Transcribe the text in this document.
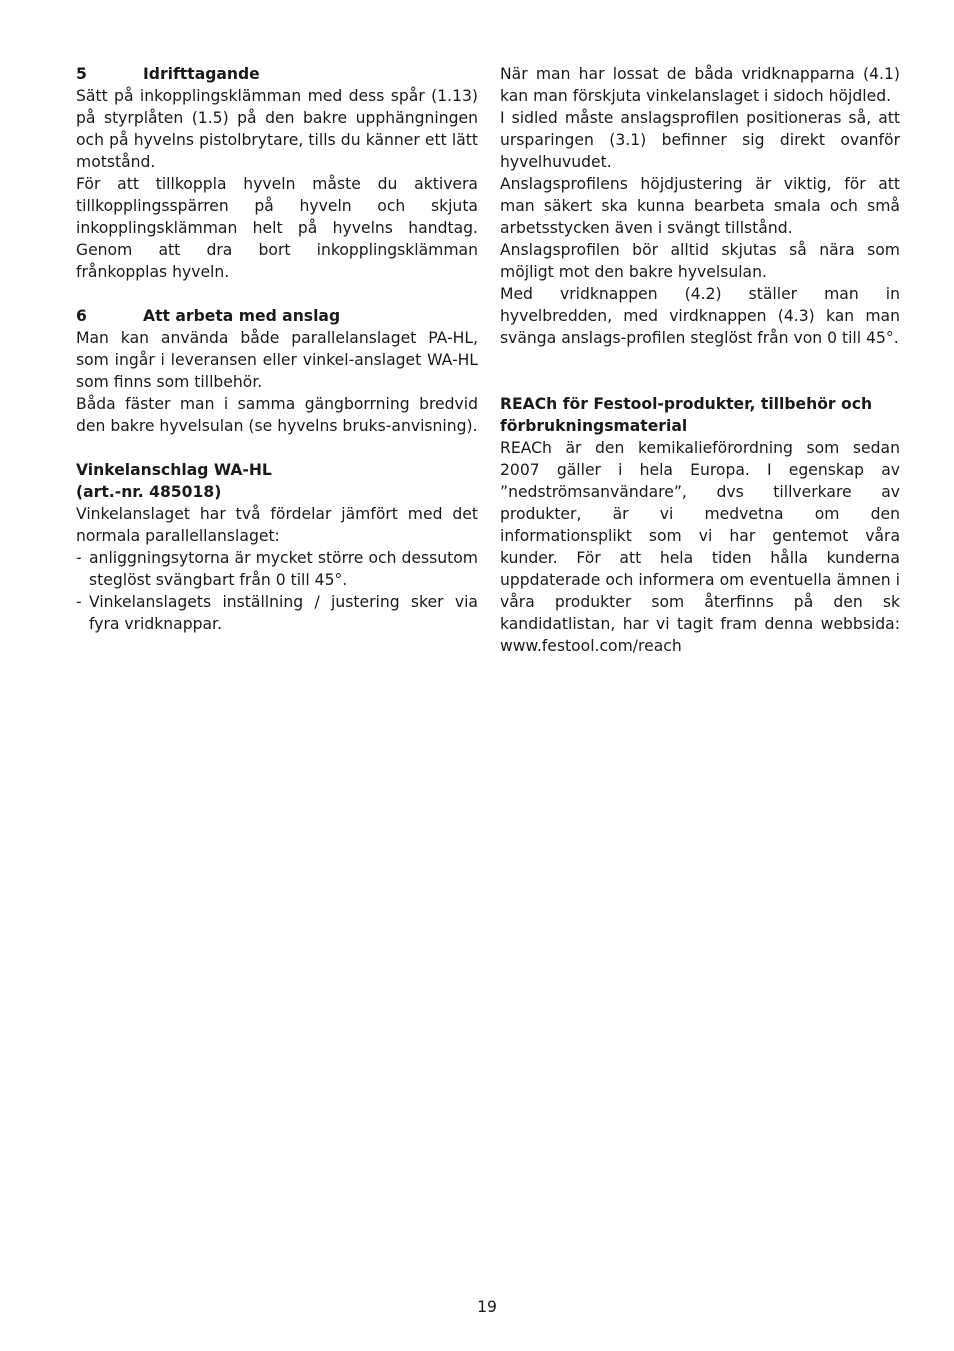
5	Idrifttagande

Sätt på inkopplingsklämman med dess spår (1.13) på styrplåten (1.5) på den bakre upphängningen och på hyvelns pistolbrytare, tills du känner ett lätt motstånd.

För att tillkoppla hyveln måste du aktivera tillkopplingsspärren på hyveln och skjuta inkopplingsklämman helt på hyvelns handtag. Genom att dra bort inkopplingsklämman frånkopplas hyveln.

6	Att arbeta med anslag

Man kan använda både parallelanslaget PA-HL, som ingår i leveransen eller vinkel-anslaget WA-HL som finns som tillbehör.

Båda fäster man i samma gängborrning bredvid den bakre hyvelsulan (se hyvelns bruks-anvisning).

Vinkelanschlag WA-HL
(art.-nr. 485018)

Vinkelanslaget har två fördelar jämfört med det normala parallellanslaget:

- anliggningsytorna är mycket större och dessutom steglöst svängbart från 0 till 45°.
- Vinkelanslagets inställning / justering sker via fyra vridknappar.

När man har lossat de båda vridknapparna (4.1) kan man förskjuta vinkelanslaget i sidoch höjdled.

I sidled måste anslagsprofilen positioneras så, att ursparingen (3.1) befinner sig direkt ovanför hyvelhuvudet.

Anslagsprofilens höjdjustering är viktig, för att man säkert ska kunna bearbeta smala och små arbetsstycken även i svängt tillstånd.

Anslagsprofilen bör alltid skjutas så nära som möjligt mot den bakre hyvelsulan.

Med vridknappen (4.2) ställer man in hyvelbredden, med virdknappen (4.3) kan man svänga anslags-profilen steglöst från von 0 till 45°.

REACh för Festool-produkter, tillbehör och förbrukningsmaterial

REACh är den kemikalieförordning som sedan 2007 gäller i hela Europa. I egenskap av ”nedströmsanvändare”, dvs tillverkare av produkter, är vi medvetna om den informationsplikt som vi har gentemot våra kunder. För att hela tiden hålla kunderna uppdaterade och informera om eventuella ämnen i våra produkter som återfinns på den sk kandidatlistan, har vi tagit fram denna webbsida: www.festool.com/reach

19
